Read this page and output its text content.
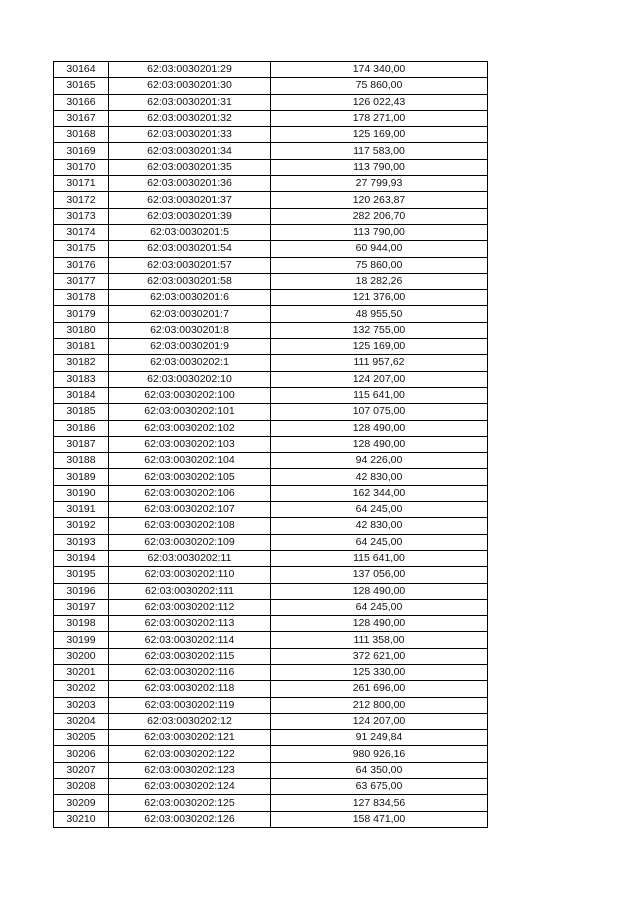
30164	62:03:0030201:29	174 340,00
30165	62:03:0030201:30	75 860,00
30166	62:03:0030201:31	126 022,43
30167	62:03:0030201:32	178 271,00
30168	62:03:0030201:33	125 169,00
30169	62:03:0030201:34	117 583,00
30170	62:03:0030201:35	113 790,00
30171	62:03:0030201:36	27 799,93
30172	62:03:0030201:37	120 263,87
30173	62:03:0030201:39	282 206,70
30174	62:03:0030201:5	113 790,00
30175	62:03:0030201:54	60 944,00
30176	62:03:0030201:57	75 860,00
30177	62:03:0030201:58	18 282,26
30178	62:03:0030201:6	121 376,00
30179	62:03:0030201:7	48 955,50
30180	62:03:0030201:8	132 755,00
30181	62:03:0030201:9	125 169,00
30182	62:03:0030202:1	111 957,62
30183	62:03:0030202:10	124 207,00
30184	62:03:0030202:100	115 641,00
30185	62:03:0030202:101	107 075,00
30186	62:03:0030202:102	128 490,00
30187	62:03:0030202:103	128 490,00
30188	62:03:0030202:104	94 226,00
30189	62:03:0030202:105	42 830,00
30190	62:03:0030202:106	162 344,00
30191	62:03:0030202:107	64 245,00
30192	62:03:0030202:108	42 830,00
30193	62:03:0030202:109	64 245,00
30194	62:03:0030202:11	115 641,00
30195	62:03:0030202:110	137 056,00
30196	62:03:0030202:111	128 490,00
30197	62:03:0030202:112	64 245,00
30198	62:03:0030202:113	128 490,00
30199	62:03:0030202:114	111 358,00
30200	62:03:0030202:115	372 621,00
30201	62:03:0030202:116	125 330,00
30202	62:03:0030202:118	261 696,00
30203	62:03:0030202:119	212 800,00
30204	62:03:0030202:12	124 207,00
30205	62:03:0030202:121	91 249,84
30206	62:03:0030202:122	980 926,16
30207	62:03:0030202:123	64 350,00
30208	62:03:0030202:124	63 675,00
30209	62:03:0030202:125	127 834,56
30210	62:03:0030202:126	158 471,00
